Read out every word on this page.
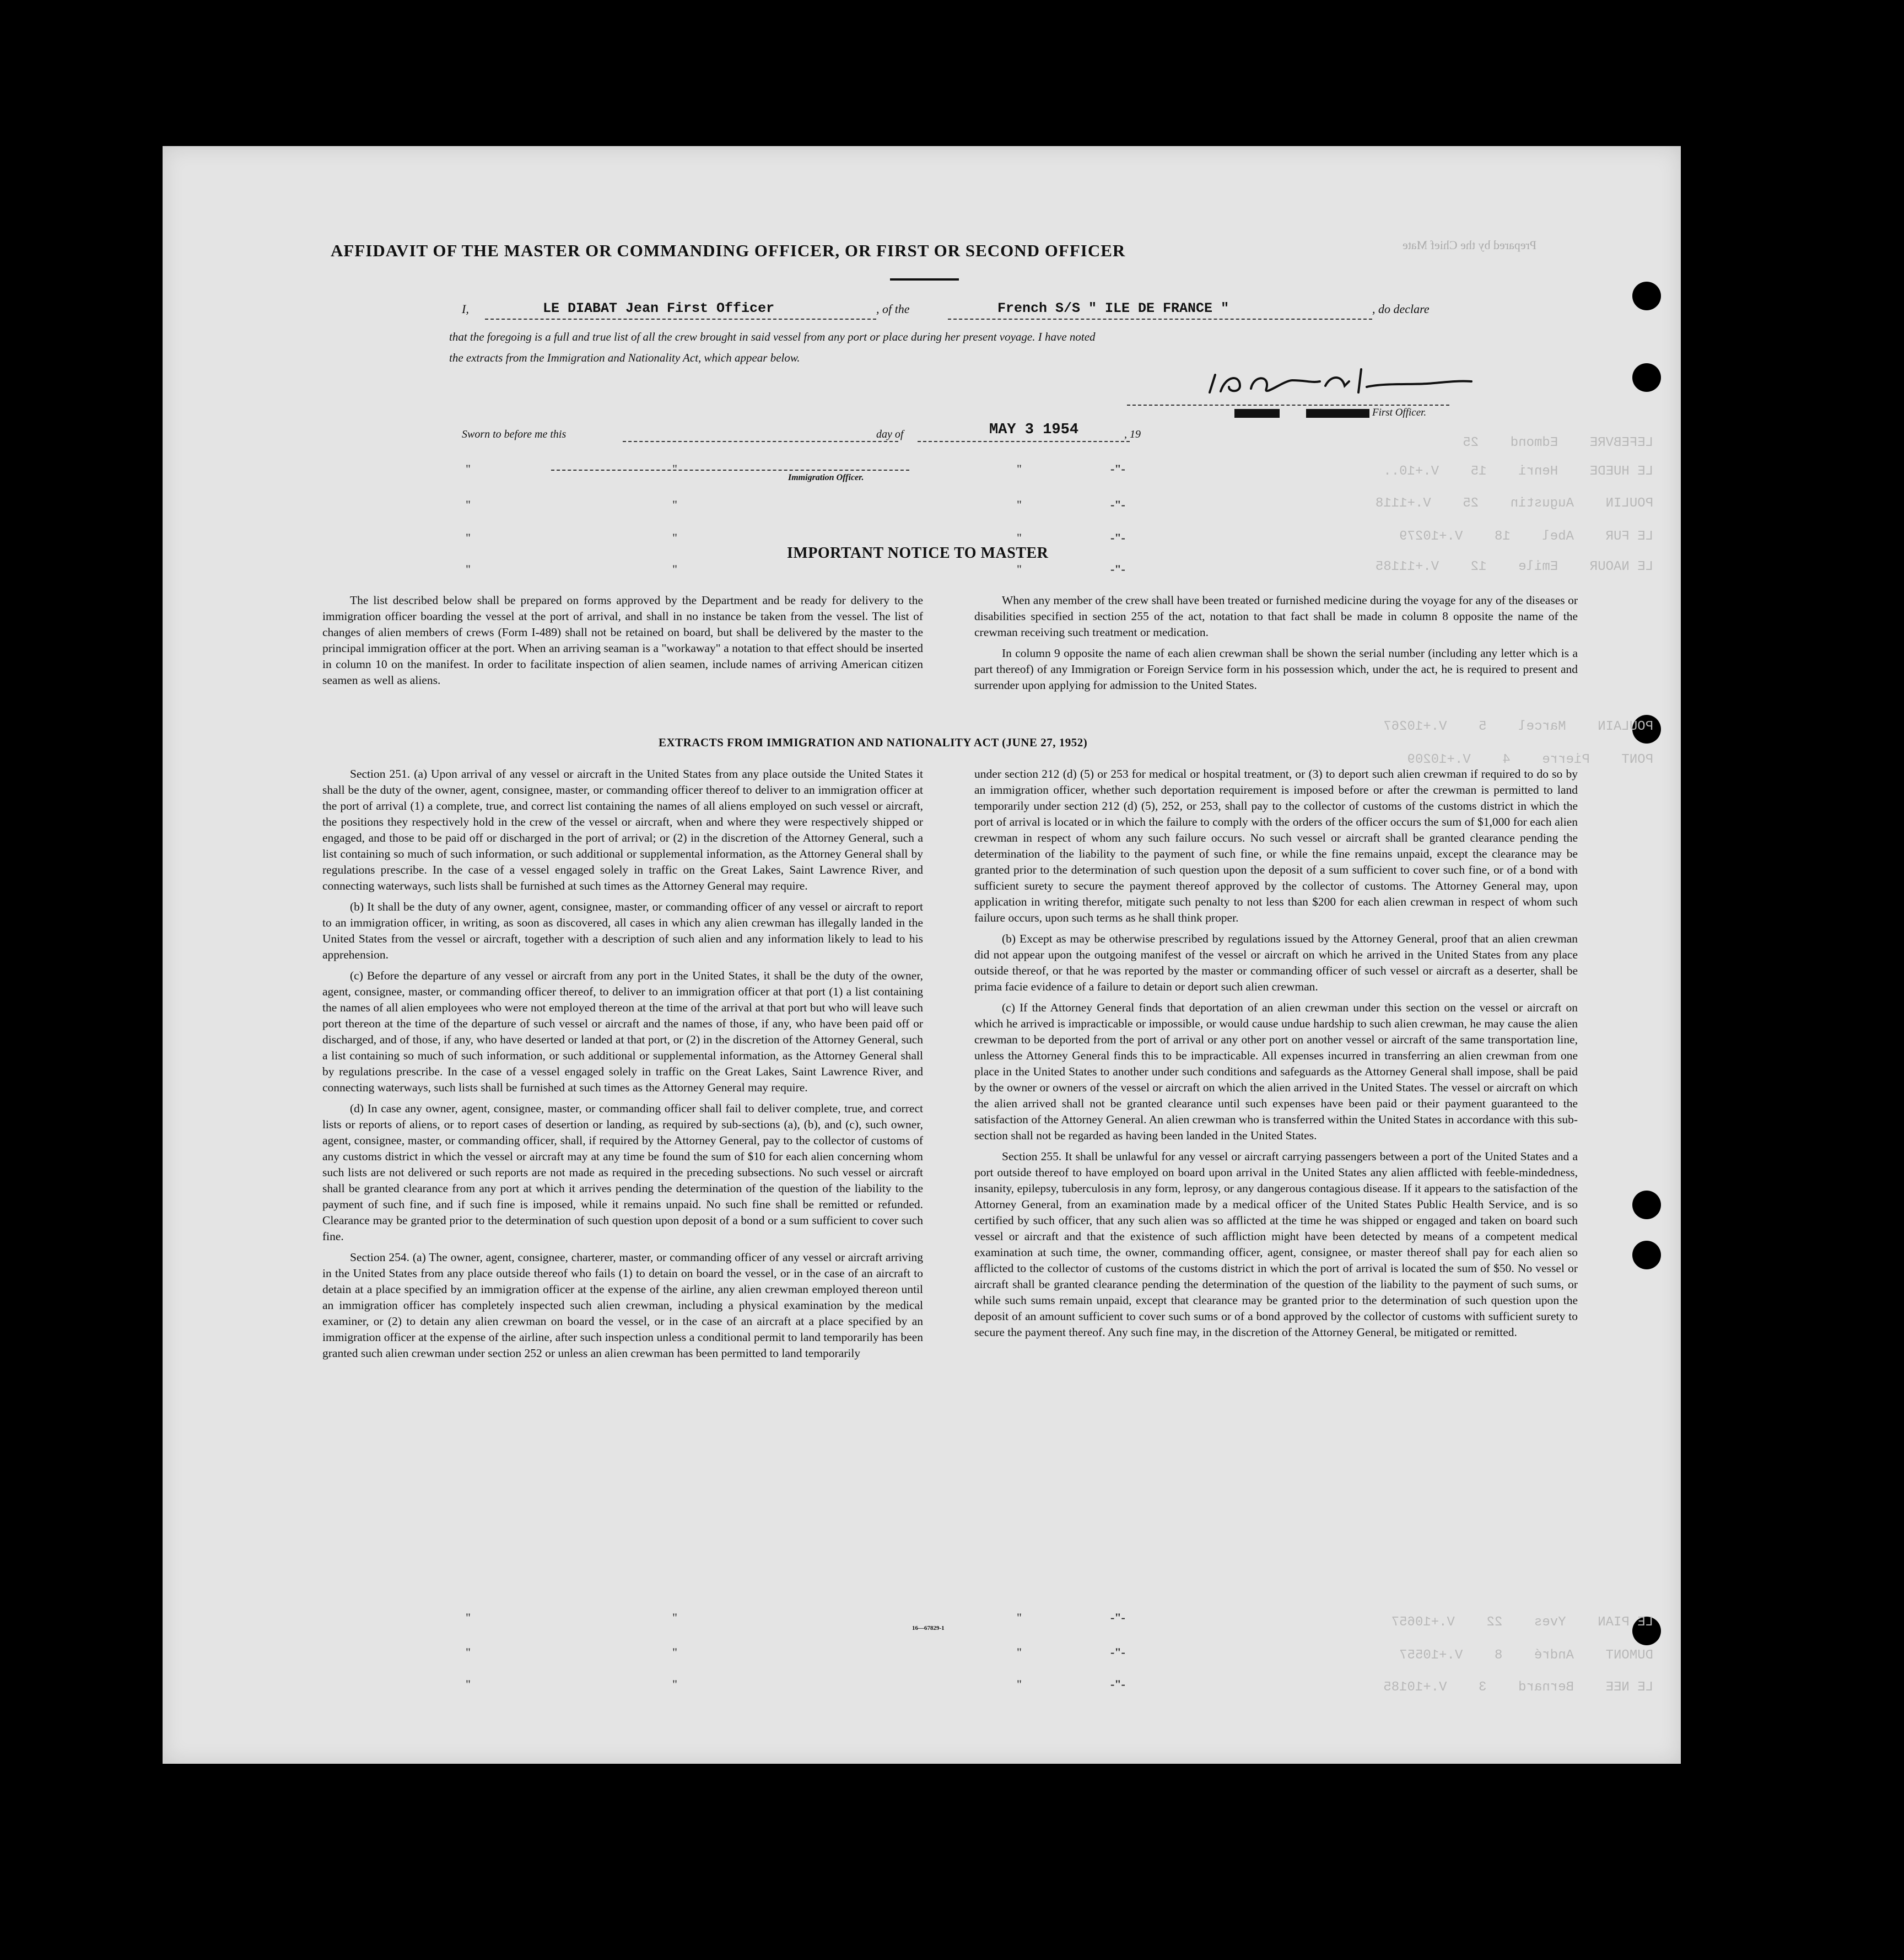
Prepared by the Chief Mate
LE PIAN    Yves    22    V.+10657
DUMONT    André    8    V.+10557
LE NEE    Bernard    3    V.+10185
LEFEBVRE    Edmond    25
LE HUEDE    Henri    15    V.+10..
POULIN    Augustin    25    V.+1118
LE FUR    Abel    18    V.+10279
LE NAOUR    Emile    12    V.+11185
POULAIN    Marcel    5    V.+10267
PONT    Pierre    4    V.+10209
AFFIDAVIT OF THE MASTER OR COMMANDING OFFICER, OR FIRST OR SECOND OFFICER
I,	LE DIABAT Jean First Officer	, of the	French S/S " ILE DE FRANCE "	, do declare
that the foregoing is a full and true list of all the crew brought in said vessel from any port or place during her present voyage. I have noted
the extracts from the Immigration and Nationality Act, which appear below.
First Officer.
Sworn to before me this	day of	MAY 3 1954	, 19
Immigration Officer.
"	"	"	-"-
"	"	"	-"-
"	"	"	-"-
"	"	"	-"-
"	"	"	-"-
"	"	"	-"-
"	"	"	-"-
IMPORTANT NOTICE TO MASTER

The list described below shall be prepared on forms approved by the Department and be ready for delivery to the immigration officer boarding the vessel at the port of arrival, and shall in no instance be taken from the vessel. The list of changes of alien members of crews (Form I-489) shall not be retained on board, but shall be delivered by the master to the principal immigration officer at the port. When an arriving seaman is a "workaway" a notation to that effect should be inserted in column 10 on the manifest. In order to facilitate inspection of alien seamen, include names of arriving American citizen seamen as well as aliens.

When any member of the crew shall have been treated or furnished medicine during the voyage for any of the diseases or disabilities specified in section 255 of the act, notation to that fact shall be made in column 8 opposite the name of the crewman receiving such treatment or medication.

In column 9 opposite the name of each alien crewman shall be shown the serial number (including any letter which is a part thereof) of any Immigration or Foreign Service form in his possession which, under the act, he is required to present and surrender upon applying for admission to the United States.

EXTRACTS FROM IMMIGRATION AND NATIONALITY ACT (JUNE 27, 1952)

Section 251. (a) Upon arrival of any vessel or aircraft in the United States from any place outside the United States it shall be the duty of the owner, agent, consignee, master, or commanding officer thereof to deliver to an immigration officer at the port of arrival (1) a complete, true, and correct list containing the names of all aliens employed on such vessel or aircraft, the positions they respectively hold in the crew of the vessel or aircraft, when and where they were respectively shipped or engaged, and those to be paid off or discharged in the port of arrival; or (2) in the discretion of the Attorney General, such a list containing so much of such information, or such additional or supplemental information, as the Attorney General shall by regulations prescribe. In the case of a vessel engaged solely in traffic on the Great Lakes, Saint Lawrence River, and connecting waterways, such lists shall be furnished at such times as the Attorney General may require.

(b) It shall be the duty of any owner, agent, consignee, master, or commanding officer of any vessel or aircraft to report to an immigration officer, in writing, as soon as discovered, all cases in which any alien crewman has illegally landed in the United States from the vessel or aircraft, together with a description of such alien and any information likely to lead to his apprehension.

(c) Before the departure of any vessel or aircraft from any port in the United States, it shall be the duty of the owner, agent, consignee, master, or commanding officer thereof, to deliver to an immigration officer at that port (1) a list containing the names of all alien employees who were not employed thereon at the time of the arrival at that port but who will leave such port thereon at the time of the departure of such vessel or aircraft and the names of those, if any, who have been paid off or discharged, and of those, if any, who have deserted or landed at that port, or (2) in the discretion of the Attorney General, such a list containing so much of such information, or such additional or supplemental information, as the Attorney General shall by regulations prescribe. In the case of a vessel engaged solely in traffic on the Great Lakes, Saint Lawrence River, and connecting waterways, such lists shall be furnished at such times as the Attorney General may require.

(d) In case any owner, agent, consignee, master, or commanding officer shall fail to deliver complete, true, and correct lists or reports of aliens, or to report cases of desertion or landing, as required by sub-sections (a), (b), and (c), such owner, agent, consignee, master, or commanding officer, shall, if required by the Attorney General, pay to the collector of customs of any customs district in which the vessel or aircraft may at any time be found the sum of $10 for each alien concerning whom such lists are not delivered or such reports are not made as required in the preceding subsections. No such vessel or aircraft shall be granted clearance from any port at which it arrives pending the determination of the question of the liability to the payment of such fine, and if such fine is imposed, while it remains unpaid. No such fine shall be remitted or refunded. Clearance may be granted prior to the determination of such question upon deposit of a bond or a sum sufficient to cover such fine.

Section 254. (a) The owner, agent, consignee, charterer, master, or commanding officer of any vessel or aircraft arriving in the United States from any place outside thereof who fails (1) to detain on board the vessel, or in the case of an aircraft to detain at a place specified by an immigration officer at the expense of the airline, any alien crewman employed thereon until an immigration officer has completely inspected such alien crewman, including a physical examination by the medical examiner, or (2) to detain any alien crewman on board the vessel, or in the case of an aircraft at a place specified by an immigration officer at the expense of the airline, after such inspection unless a conditional permit to land temporarily has been granted such alien crewman under section 252 or unless an alien crewman has been permitted to land temporarily

under section 212 (d) (5) or 253 for medical or hospital treatment, or (3) to deport such alien crewman if required to do so by an immigration officer, whether such deportation requirement is imposed before or after the crewman is permitted to land temporarily under section 212 (d) (5), 252, or 253, shall pay to the collector of customs of the customs district in which the port of arrival is located or in which the failure to comply with the orders of the officer occurs the sum of $1,000 for each alien crewman in respect of whom any such failure occurs. No such vessel or aircraft shall be granted clearance pending the determination of the liability to the payment of such fine, or while the fine remains unpaid, except the clearance may be granted prior to the determination of such question upon the deposit of a sum sufficient to cover such fine, or of a bond with sufficient surety to secure the payment thereof approved by the collector of customs. The Attorney General may, upon application in writing therefor, mitigate such penalty to not less than $200 for each alien crewman in respect of whom such failure occurs, upon such terms as he shall think proper.

(b) Except as may be otherwise prescribed by regulations issued by the Attorney General, proof that an alien crewman did not appear upon the outgoing manifest of the vessel or aircraft on which he arrived in the United States from any place outside thereof, or that he was reported by the master or commanding officer of such vessel or aircraft as a deserter, shall be prima facie evidence of a failure to detain or deport such alien crewman.

(c) If the Attorney General finds that deportation of an alien crewman under this section on the vessel or aircraft on which he arrived is impracticable or impossible, or would cause undue hardship to such alien crewman, he may cause the alien crewman to be deported from the port of arrival or any other port on another vessel or aircraft of the same transportation line, unless the Attorney General finds this to be impracticable. All expenses incurred in transferring an alien crewman from one place in the United States to another under such conditions and safeguards as the Attorney General shall impose, shall be paid by the owner or owners of the vessel or aircraft on which the alien arrived in the United States. The vessel or aircraft on which the alien arrived shall not be granted clearance until such expenses have been paid or their payment guaranteed to the satisfaction of the Attorney General. An alien crewman who is transferred within the United States in accordance with this sub-section shall not be regarded as having been landed in the United States.

Section 255. It shall be unlawful for any vessel or aircraft carrying passengers between a port of the United States and a port outside thereof to have employed on board upon arrival in the United States any alien afflicted with feeble-mindedness, insanity, epilepsy, tuberculosis in any form, leprosy, or any dangerous contagious disease. If it appears to the satisfaction of the Attorney General, from an examination made by a medical officer of the United States Public Health Service, and is so certified by such officer, that any such alien was so afflicted at the time he was shipped or engaged and taken on board such vessel or aircraft and that the existence of such affliction might have been detected by means of a competent medical examination at such time, the owner, commanding officer, agent, consignee, or master thereof shall pay for each alien so afflicted to the collector of customs of the customs district in which the port of arrival is located the sum of $50. No vessel or aircraft shall be granted clearance pending the determination of the question of the liability to the payment of such sums, or while such sums remain unpaid, except that clearance may be granted prior to the determination of such question upon the deposit of an amount sufficient to cover such sums or of a bond approved by the collector of customs with sufficient surety to secure the payment thereof. Any such fine may, in the discretion of the Attorney General, be mitigated or remitted.

16—67829-1
